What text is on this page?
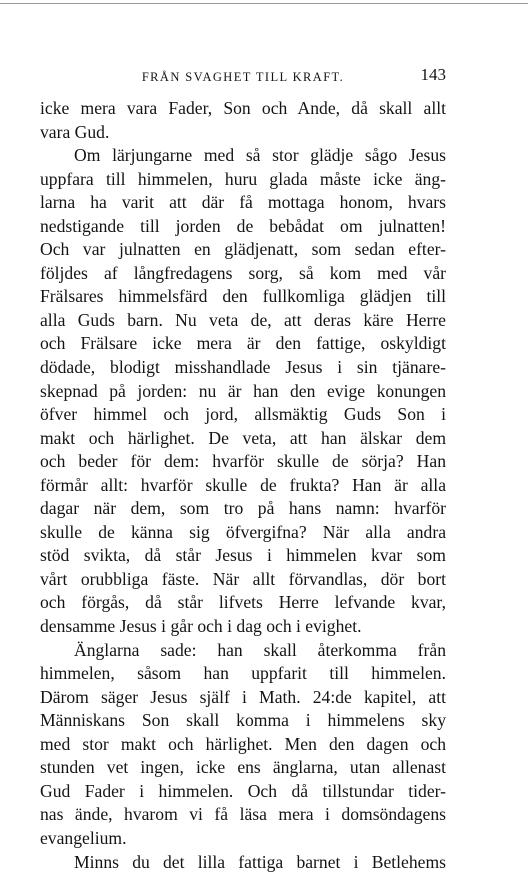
FRÅN SVAGHET TILL KRAFT.	143
icke mera vara Fader, Son och Ande, då skall allt
vara Gud.
Om lärjungarne med så stor glädje sågo Jesus
uppfara till himmelen, huru glada måste icke äng-
larna ha varit att där få mottaga honom, hvars
nedstigande till jorden de bebådat om julnatten!
Och var julnatten en glädjenatt, som sedan efter-
följdes af långfredagens sorg, så kom med vår
Frälsares himmelsfärd den fullkomliga glädjen till
alla Guds barn. Nu veta de, att deras käre Herre
och Frälsare icke mera är den fattige, oskyldigt
dödade, blodigt misshandlade Jesus i sin tjänare-
skepnad på jorden: nu är han den evige konungen
öfver himmel och jord, allsmäktig Guds Son i
makt och härlighet. De veta, att han älskar dem
och beder för dem: hvarför skulle de sörja? Han
förmår allt: hvarför skulle de frukta? Han är alla
dagar när dem, som tro på hans namn: hvarför
skulle de känna sig öfvergifna? När alla andra
stöd svikta, då står Jesus i himmelen kvar som
vårt orubbliga fäste. När allt förvandlas, dör bort
och förgås, då står lifvets Herre lefvande kvar,
densamme Jesus i går och i dag och i evighet.
Änglarna sade: han skall återkomma från
himmelen, såsom han uppfarit till himmelen.
Därom säger Jesus själf i Math. 24:de kapitel, att
Människans Son skall komma i himmelens sky
med stor makt och härlighet. Men den dagen och
stunden vet ingen, icke ens änglarna, utan allenast
Gud Fader i himmelen. Och då tillstundar tider-
nas ände, hvarom vi få läsa mera i domsöndagens
evangelium.
Minns du det lilla fattiga barnet i Betlehems
